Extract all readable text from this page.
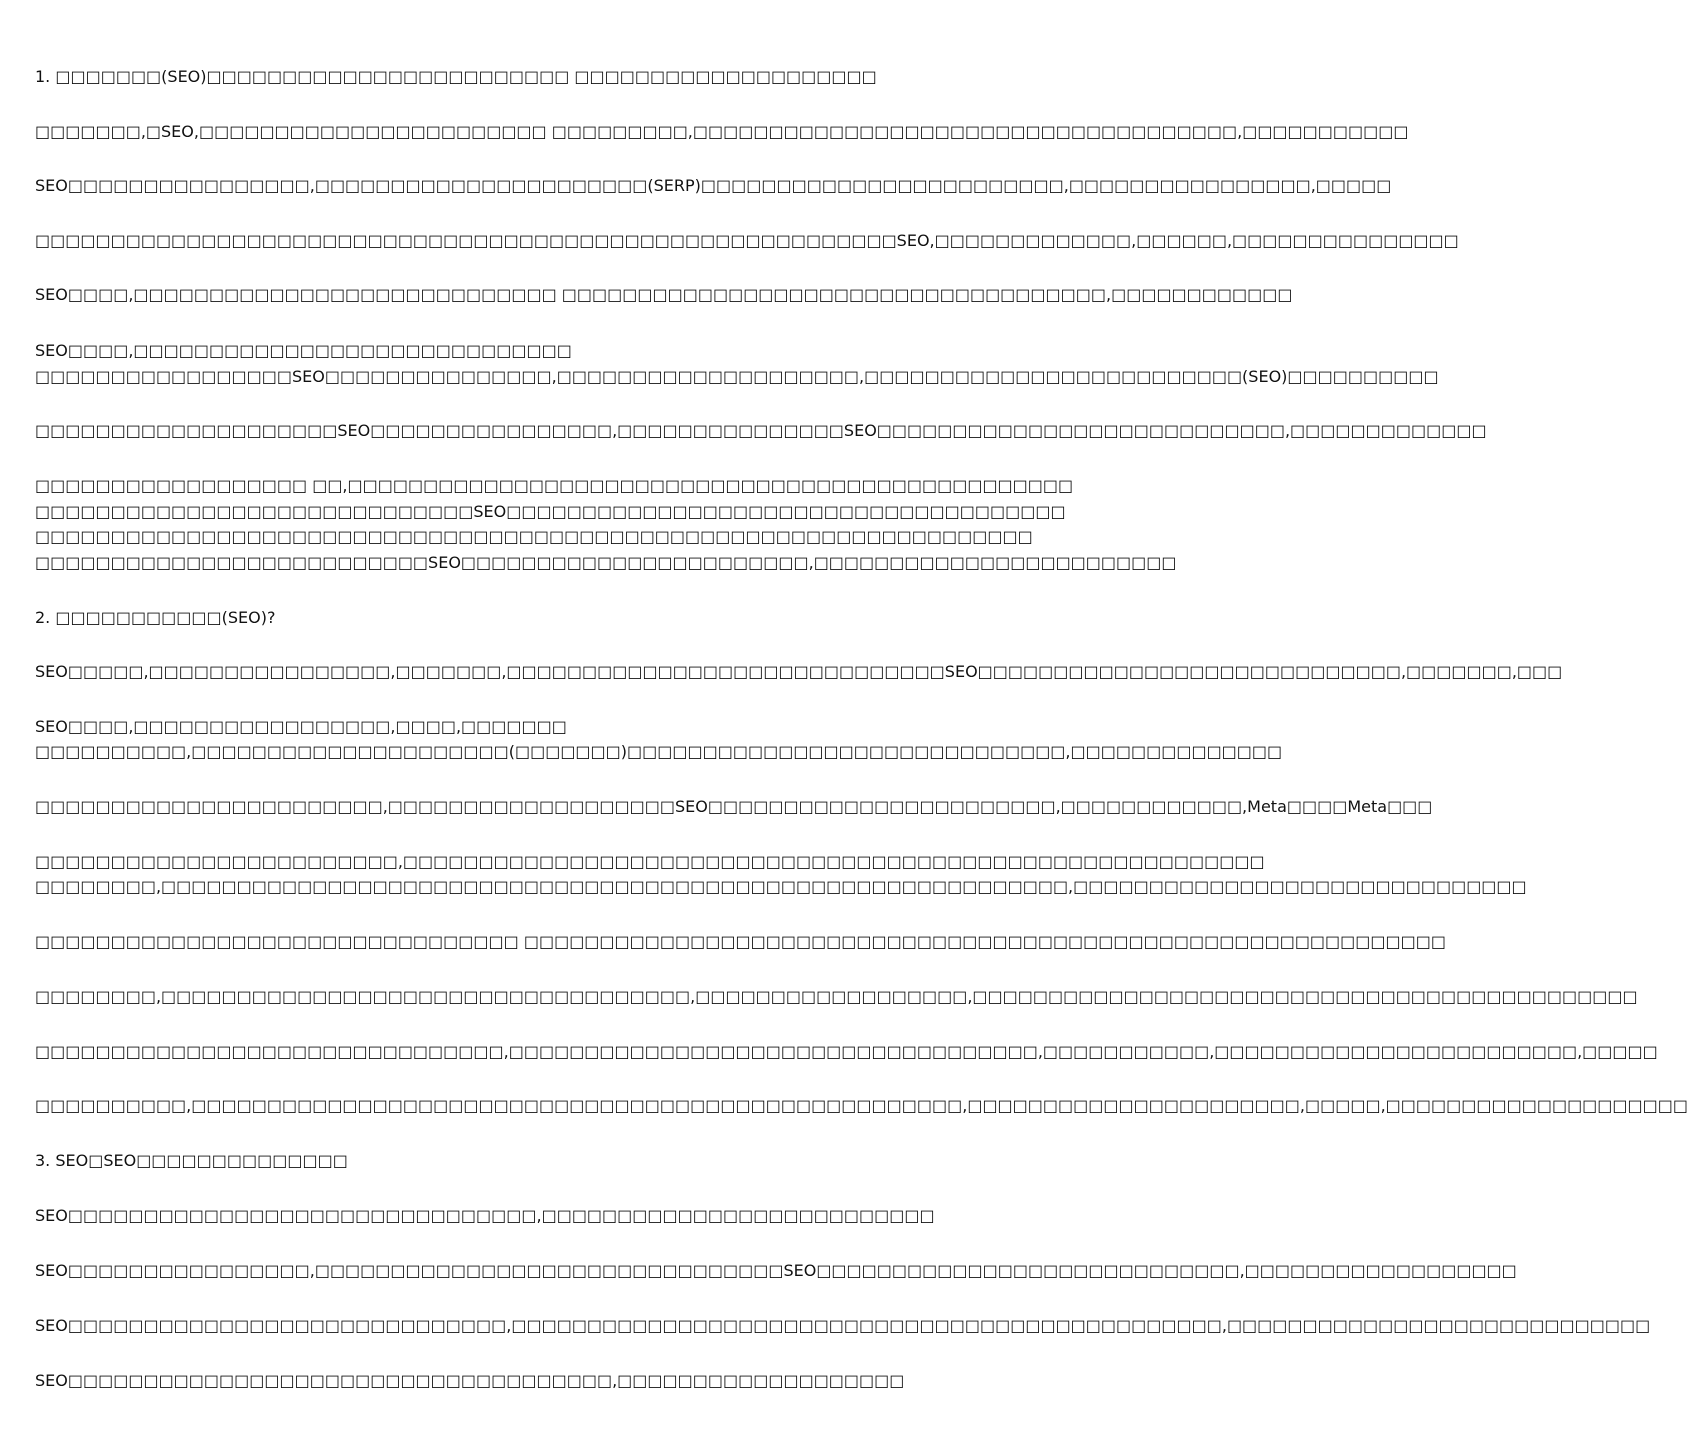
1. □□□□□□□(SEO)□□□□□□□□□□□□□□□□□□□□□□□□ □□□□□□□□□□□□□□□□□□□□
□□□□□□□,□SEO,□□□□□□□□□□□□□□□□□□□□□□□ □□□□□□□□□,□□□□□□□□□□□□□□□□□□□□□□□□□□□□□□□□□□□□,□□□□□□□□□□□
SEO□□□□□□□□□□□□□□□□,□□□□□□□□□□□□□□□□□□□□□□(SERP)□□□□□□□□□□□□□□□□□□□□□□□□,□□□□□□□□□□□□□□□□,□□□□□
□□□□□□□□□□□□□□□□□□□□□□□□□□□□□□□□□□□□□□□□□□□□□□□□□□□□□□□□□SEO,□□□□□□□□□□□□□,□□□□□□,□□□□□□□□□□□□□□□
SEO□□□□,□□□□□□□□□□□□□□□□□□□□□□□□□□□□ □□□□□□□□□□□□□□□□□□□□□□□□□□□□□□□□□□□□,□□□□□□□□□□□□
SEO□□□□,□□□□□□□□□□□□□□□□□□□□□□□□□□□□□
□□□□□□□□□□□□□□□□□SEO□□□□□□□□□□□□□□□,□□□□□□□□□□□□□□□□□□□□,□□□□□□□□□□□□□□□□□□□□□□□□□(SEO)□□□□□□□□□□
□□□□□□□□□□□□□□□□□□□□SEO□□□□□□□□□□□□□□□□,□□□□□□□□□□□□□□□SEO□□□□□□□□□□□□□□□□□□□□□□□□□□□,□□□□□□□□□□□□□
□□□□□□□□□□□□□□□□□□ □□,□□□□□□□□□□□□□□□□□□□□□□□□□□□□□□□□□□□□□□□□□□□□□□□□
□□□□□□□□□□□□□□□□□□□□□□□□□□□□□SEO□□□□□□□□□□□□□□□□□□□□□□□□□□□□□□□□□□□□□
□□□□□□□□□□□□□□□□□□□□□□□□□□□□□□□□□□□□□□□□□□□□□□□□□□□□□□□□□□□□□□□□□□
□□□□□□□□□□□□□□□□□□□□□□□□□□SEO□□□□□□□□□□□□□□□□□□□□□□□,□□□□□□□□□□□□□□□□□□□□□□□□
2. □□□□□□□□□□□(SEO)?
SEO□□□□□,□□□□□□□□□□□□□□□□,□□□□□□□,□□□□□□□□□□□□□□□□□□□□□□□□□□□□□SEO□□□□□□□□□□□□□□□□□□□□□□□□□□□□,□□□□□□□,□□□
SEO□□□□,□□□□□□□□□□□□□□□□□,□□□□,□□□□□□□
□□□□□□□□□□,□□□□□□□□□□□□□□□□□□□□□(□□□□□□□)□□□□□□□□□□□□□□□□□□□□□□□□□□□□□,□□□□□□□□□□□□□□
□□□□□□□□□□□□□□□□□□□□□□□,□□□□□□□□□□□□□□□□□□□SEO□□□□□□□□□□□□□□□□□□□□□□□,□□□□□□□□□□□□,Meta□□□□Meta□□□
□□□□□□□□□□□□□□□□□□□□□□□□,□□□□□□□□□□□□□□□□□□□□□□□□□□□□□□□□□□□□□□□□□□□□□□□□□□□□□□□□□
□□□□□□□□,□□□□□□□□□□□□□□□□□□□□□□□□□□□□□□□□□□□□□□□□□□□□□□□□□□□□□□□□□□□□,□□□□□□□□□□□□□□□□□□□□□□□□□□□□□□
□□□□□□□□□□□□□□□□□□□□□□□□□□□□□□□□ □□□□□□□□□□□□□□□□□□□□□□□□□□□□□□□□□□□□□□□□□□□□□□□□□□□□□□□□□□□□□
□□□□□□□□,□□□□□□□□□□□□□□□□□□□□□□□□□□□□□□□□□□□,□□□□□□□□□□□□□□□□□□,□□□□□□□□□□□□□□□□□□□□□□□□□□□□□□□□□□□□□□□□□□□□
□□□□□□□□□□□□□□□□□□□□□□□□□□□□□□□,□□□□□□□□□□□□□□□□□□□□□□□□□□□□□□□□□□□,□□□□□□□□□□□,□□□□□□□□□□□□□□□□□□□□□□□□,□□□□□
□□□□□□□□□□,□□□□□□□□□□□□□□□□□□□□□□□□□□□□□□□□□□□□□□□□□□□□□□□□□□□,□□□□□□□□□□□□□□□□□□□□□□,□□□□□,□□□□□□□□□□□□□□□□□□□□
3. SEO□SEO□□□□□□□□□□□□□□
SEO□□□□□□□□□□□□□□□□□□□□□□□□□□□□□□□,□□□□□□□□□□□□□□□□□□□□□□□□□□
SEO□□□□□□□□□□□□□□□□,□□□□□□□□□□□□□□□□□□□□□□□□□□□□□□□SEO□□□□□□□□□□□□□□□□□□□□□□□□□□□□,□□□□□□□□□□□□□□□□□□
SEO□□□□□□□□□□□□□□□□□□□□□□□□□□□□□,□□□□□□□□□□□□□□□□□□□□□□□□□□□□□□□□□□□□□□□□□□□□□□□,□□□□□□□□□□□□□□□□□□□□□□□□□□□□
SEO□□□□□□□□□□□□□□□□□□□□□□□□□□□□□□□□□□□□,□□□□□□□□□□□□□□□□□□□
